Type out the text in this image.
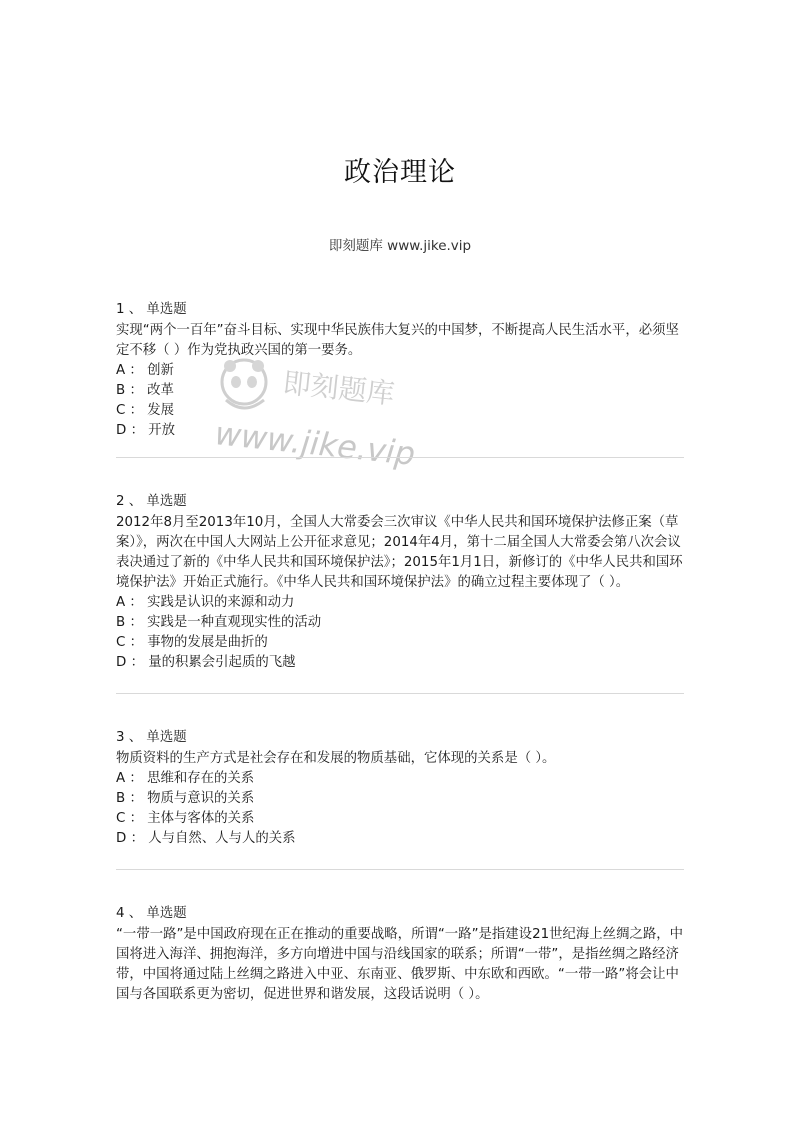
政治理论
即刻题库 www.jike.vip
即刻题库
www.jike.vip
1 、 单选题

实现“两个一百年”奋斗目标、实现中华民族伟大复兴的中国梦，不断提高人民生活水平，必须坚定不移（ ）作为党执政兴国的第一要务。

A ： 创新
B ： 改革
C ： 发展
D ： 开放
2 、 单选题

2012年8月至2013年10月，全国人大常委会三次审议《中华人民共和国环境保护法修正案（草案）》，两次在中国人大网站上公开征求意见；2014年4月，第十二届全国人大常委会第八次会议表决通过了新的《中华人民共和国环境保护法》；2015年1月1日，新修订的《中华人民共和国环境保护法》开始正式施行。《中华人民共和国环境保护法》的确立过程主要体现了（ ）。

A ： 实践是认识的来源和动力
B ： 实践是一种直观现实性的活动
C ： 事物的发展是曲折的
D ： 量的积累会引起质的飞越
3 、 单选题

物质资料的生产方式是社会存在和发展的物质基础，它体现的关系是（ ）。

A ： 思维和存在的关系
B ： 物质与意识的关系
C ： 主体与客体的关系
D ： 人与自然、人与人的关系
4 、 单选题

“一带一路”是中国政府现在正在推动的重要战略，所谓“一路”是指建设21世纪海上丝绸之路，中国将进入海洋、拥抱海洋，多方向增进中国与沿线国家的联系；所谓“一带”，是指丝绸之路经济带，中国将通过陆上丝绸之路进入中亚、东南亚、俄罗斯、中东欧和西欧。“一带一路”将会让中国与各国联系更为密切，促进世界和谐发展，这段话说明（ ）。
